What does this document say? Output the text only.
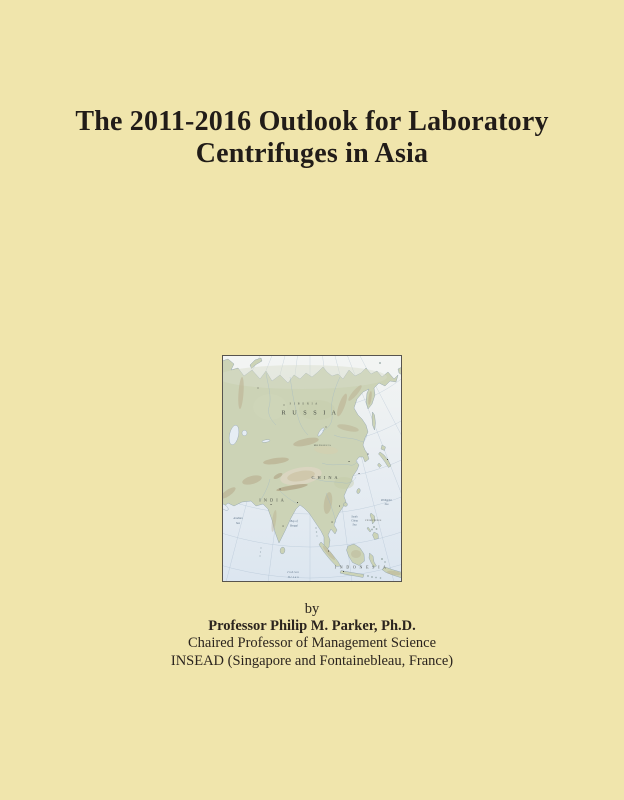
The 2011-2016 Outlook for Laboratory
Centrifuges in Asia
S I B E R I A
R U S S I A
MONGOLIA
C H I N A
I N D I A
Arabian
Sea
Bay of
Bengal
South
China
Sea
Philippine
Sea
PHILIPPINES
I N D O N E S I A
Indian
Ocean
by
Professor Philip M. Parker, Ph.D.
Chaired Professor of Management Science
INSEAD (Singapore and Fontainebleau, France)
